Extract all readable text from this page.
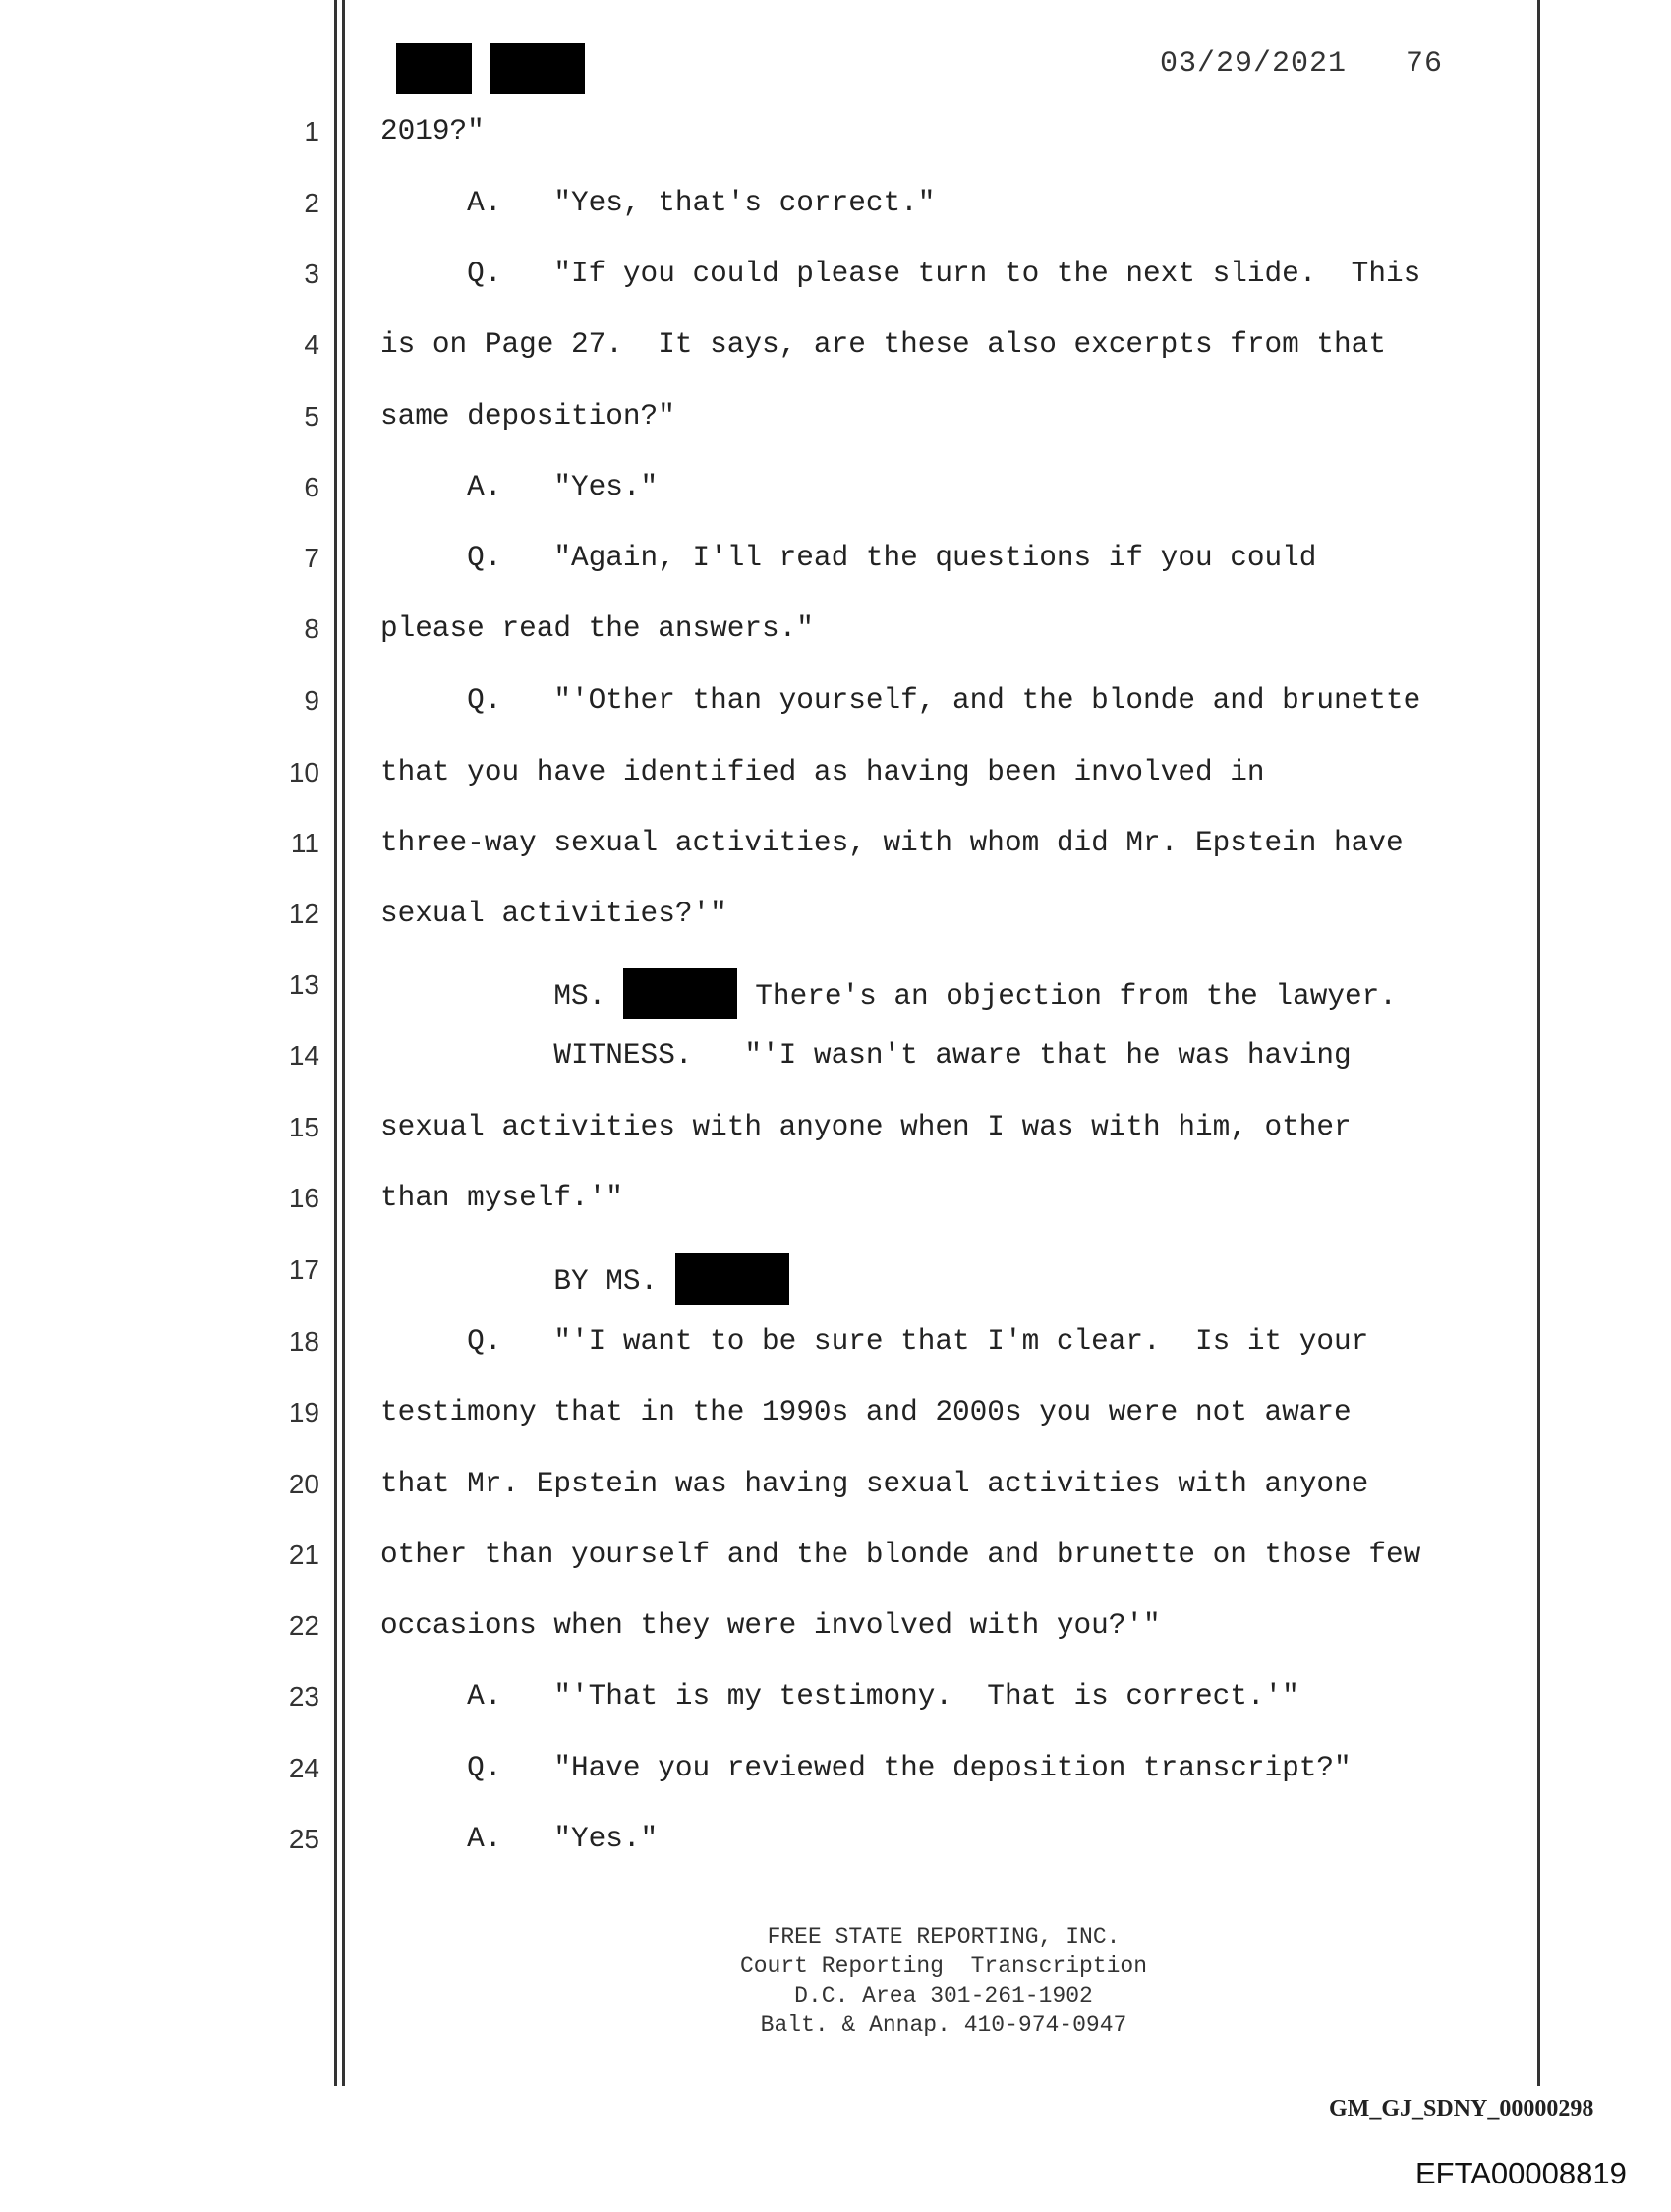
03/29/2021 76
1
2
3
4
5
6
7
8
9
10
11
12
13
14
15
16
17
18
19
20
21
22
23
24
25
2019?"
A.   "Yes, that's correct."
Q.   "If you could please turn to the next slide.  This
is on Page 27.  It says, are these also excerpts from that
same deposition?"
A.   "Yes."
Q.   "Again, I'll read the questions if you could
please read the answers."
Q.   "'Other than yourself, and the blonde and brunette
that you have identified as having been involved in
three-way sexual activities, with whom did Mr. Epstein have
sexual activities?'"
MS.	There's an objection from the lawyer.
WITNESS.   "'I wasn't aware that he was having
sexual activities with anyone when I was with him, other
than myself.'"
BY MS.
Q.   "'I want to be sure that I'm clear.  Is it your
testimony that in the 1990s and 2000s you were not aware
that Mr. Epstein was having sexual activities with anyone
other than yourself and the blonde and brunette on those few
occasions when they were involved with you?'"
A.   "'That is my testimony.  That is correct.'"
Q.   "Have you reviewed the deposition transcript?"
A.   "Yes."
FREE STATE REPORTING, INC.
Court Reporting  Transcription
D.C. Area 301-261-1902
Balt. & Annap. 410-974-0947
GM_GJ_SDNY_00000298
EFTA00008819
